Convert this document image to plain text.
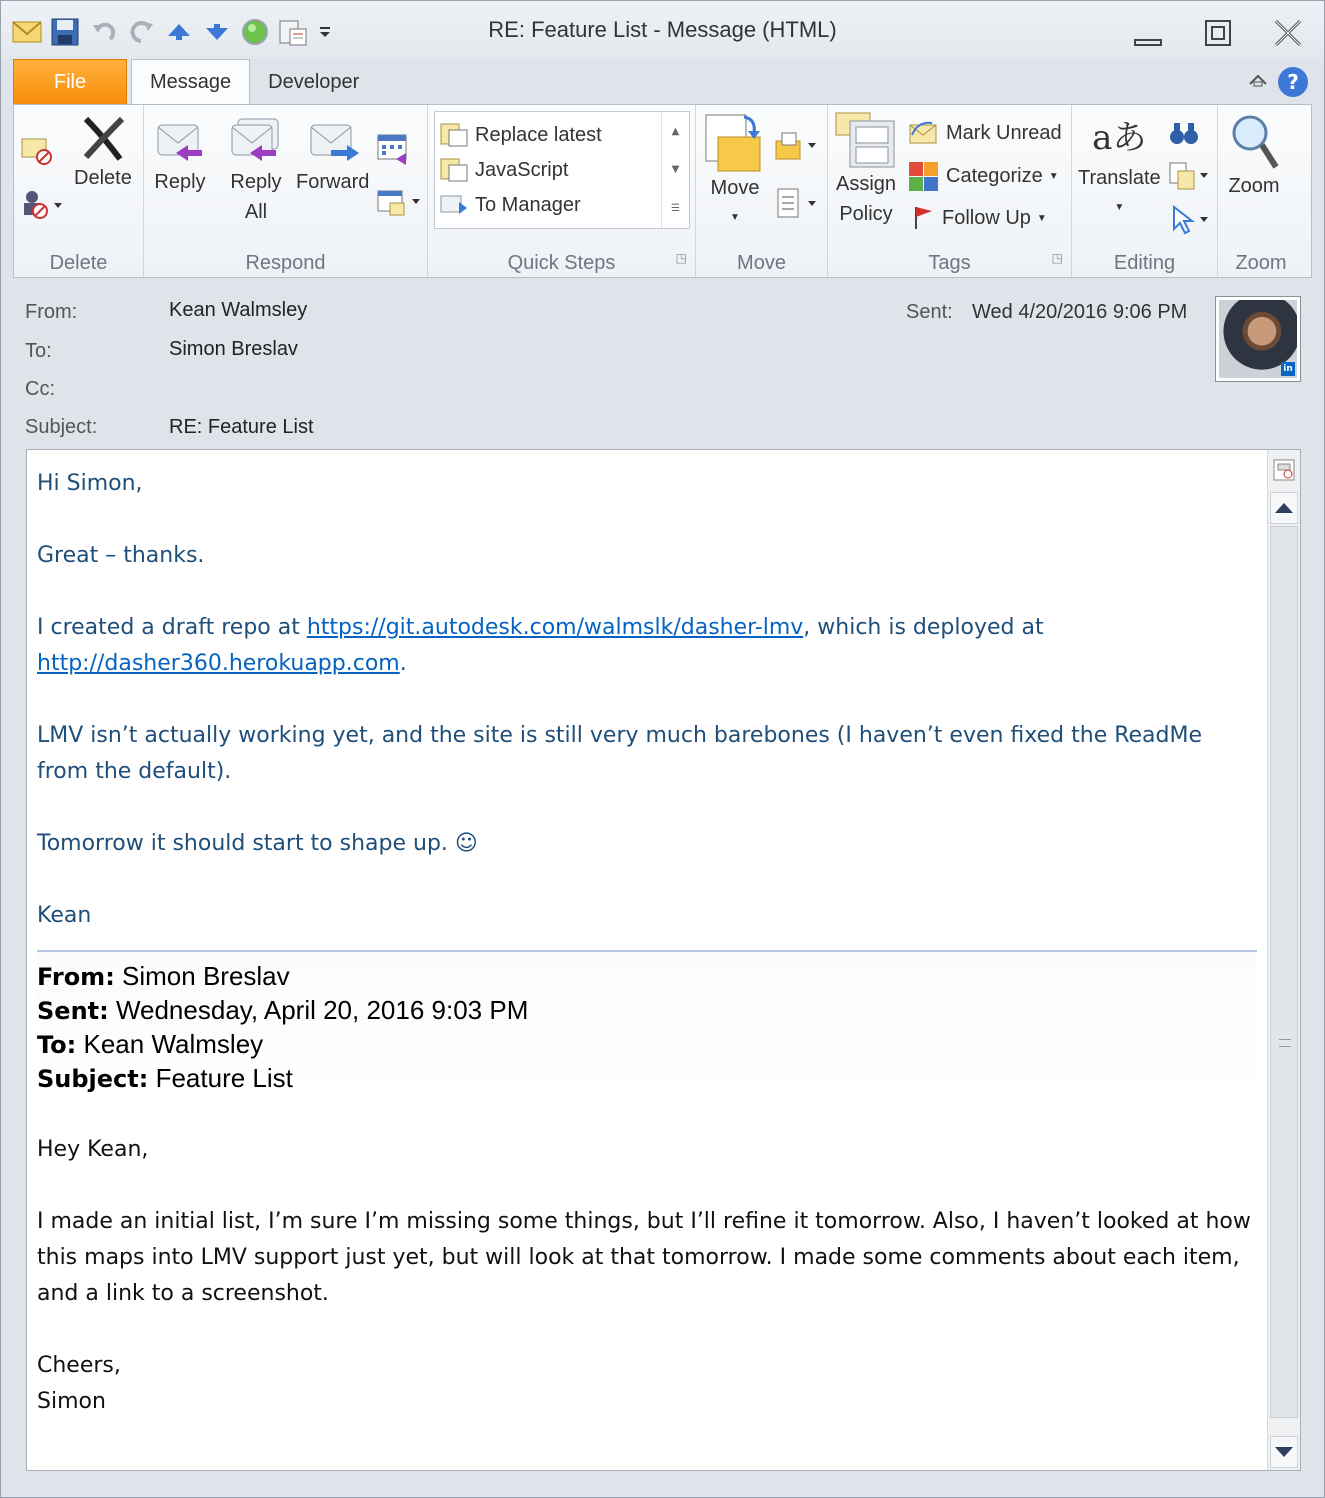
RE: Feature List - Message (HTML)
File	Message	Developer	?
Delete
Delete
Reply Reply
All
Forward
Respond
Replace latest
JavaScript
To Manager
▲
▼
☰
Quick Steps	◳
Move
▼
Move
Assign
Policy
Mark Unread
Categorize ▼
Follow Up ▼
Tags	◳
aあ
Translate
▼
Editing
Zoom
Zoom
From:	Kean Walmsley
To:	Simon Breslav
Cc:
Subject:	RE: Feature List
Sent: Wed 4/20/2016 9:06 PM
in

Hi Simon,

Great – thanks.

I created a draft repo at https://git.autodesk.com/walmslk/dasher-lmv, which is deployed at http://dasher360.herokuapp.com.

LMV isn’t actually working yet, and the site is still very much barebones (I haven’t even fixed the ReadMe from the default).

Tomorrow it should start to shape up. ☺

Kean

From: Simon Breslav
Sent: Wednesday, April 20, 2016 9:03 PM
To: Kean Walmsley
Subject: Feature List

Hey Kean,

I made an initial list, I’m sure I’m missing some things, but I’ll refine it tomorrow. Also, I haven’t looked at how this maps into LMV support just yet, but will look at that tomorrow. I made some comments about each item, and a link to a screenshot.

Cheers,

Simon
